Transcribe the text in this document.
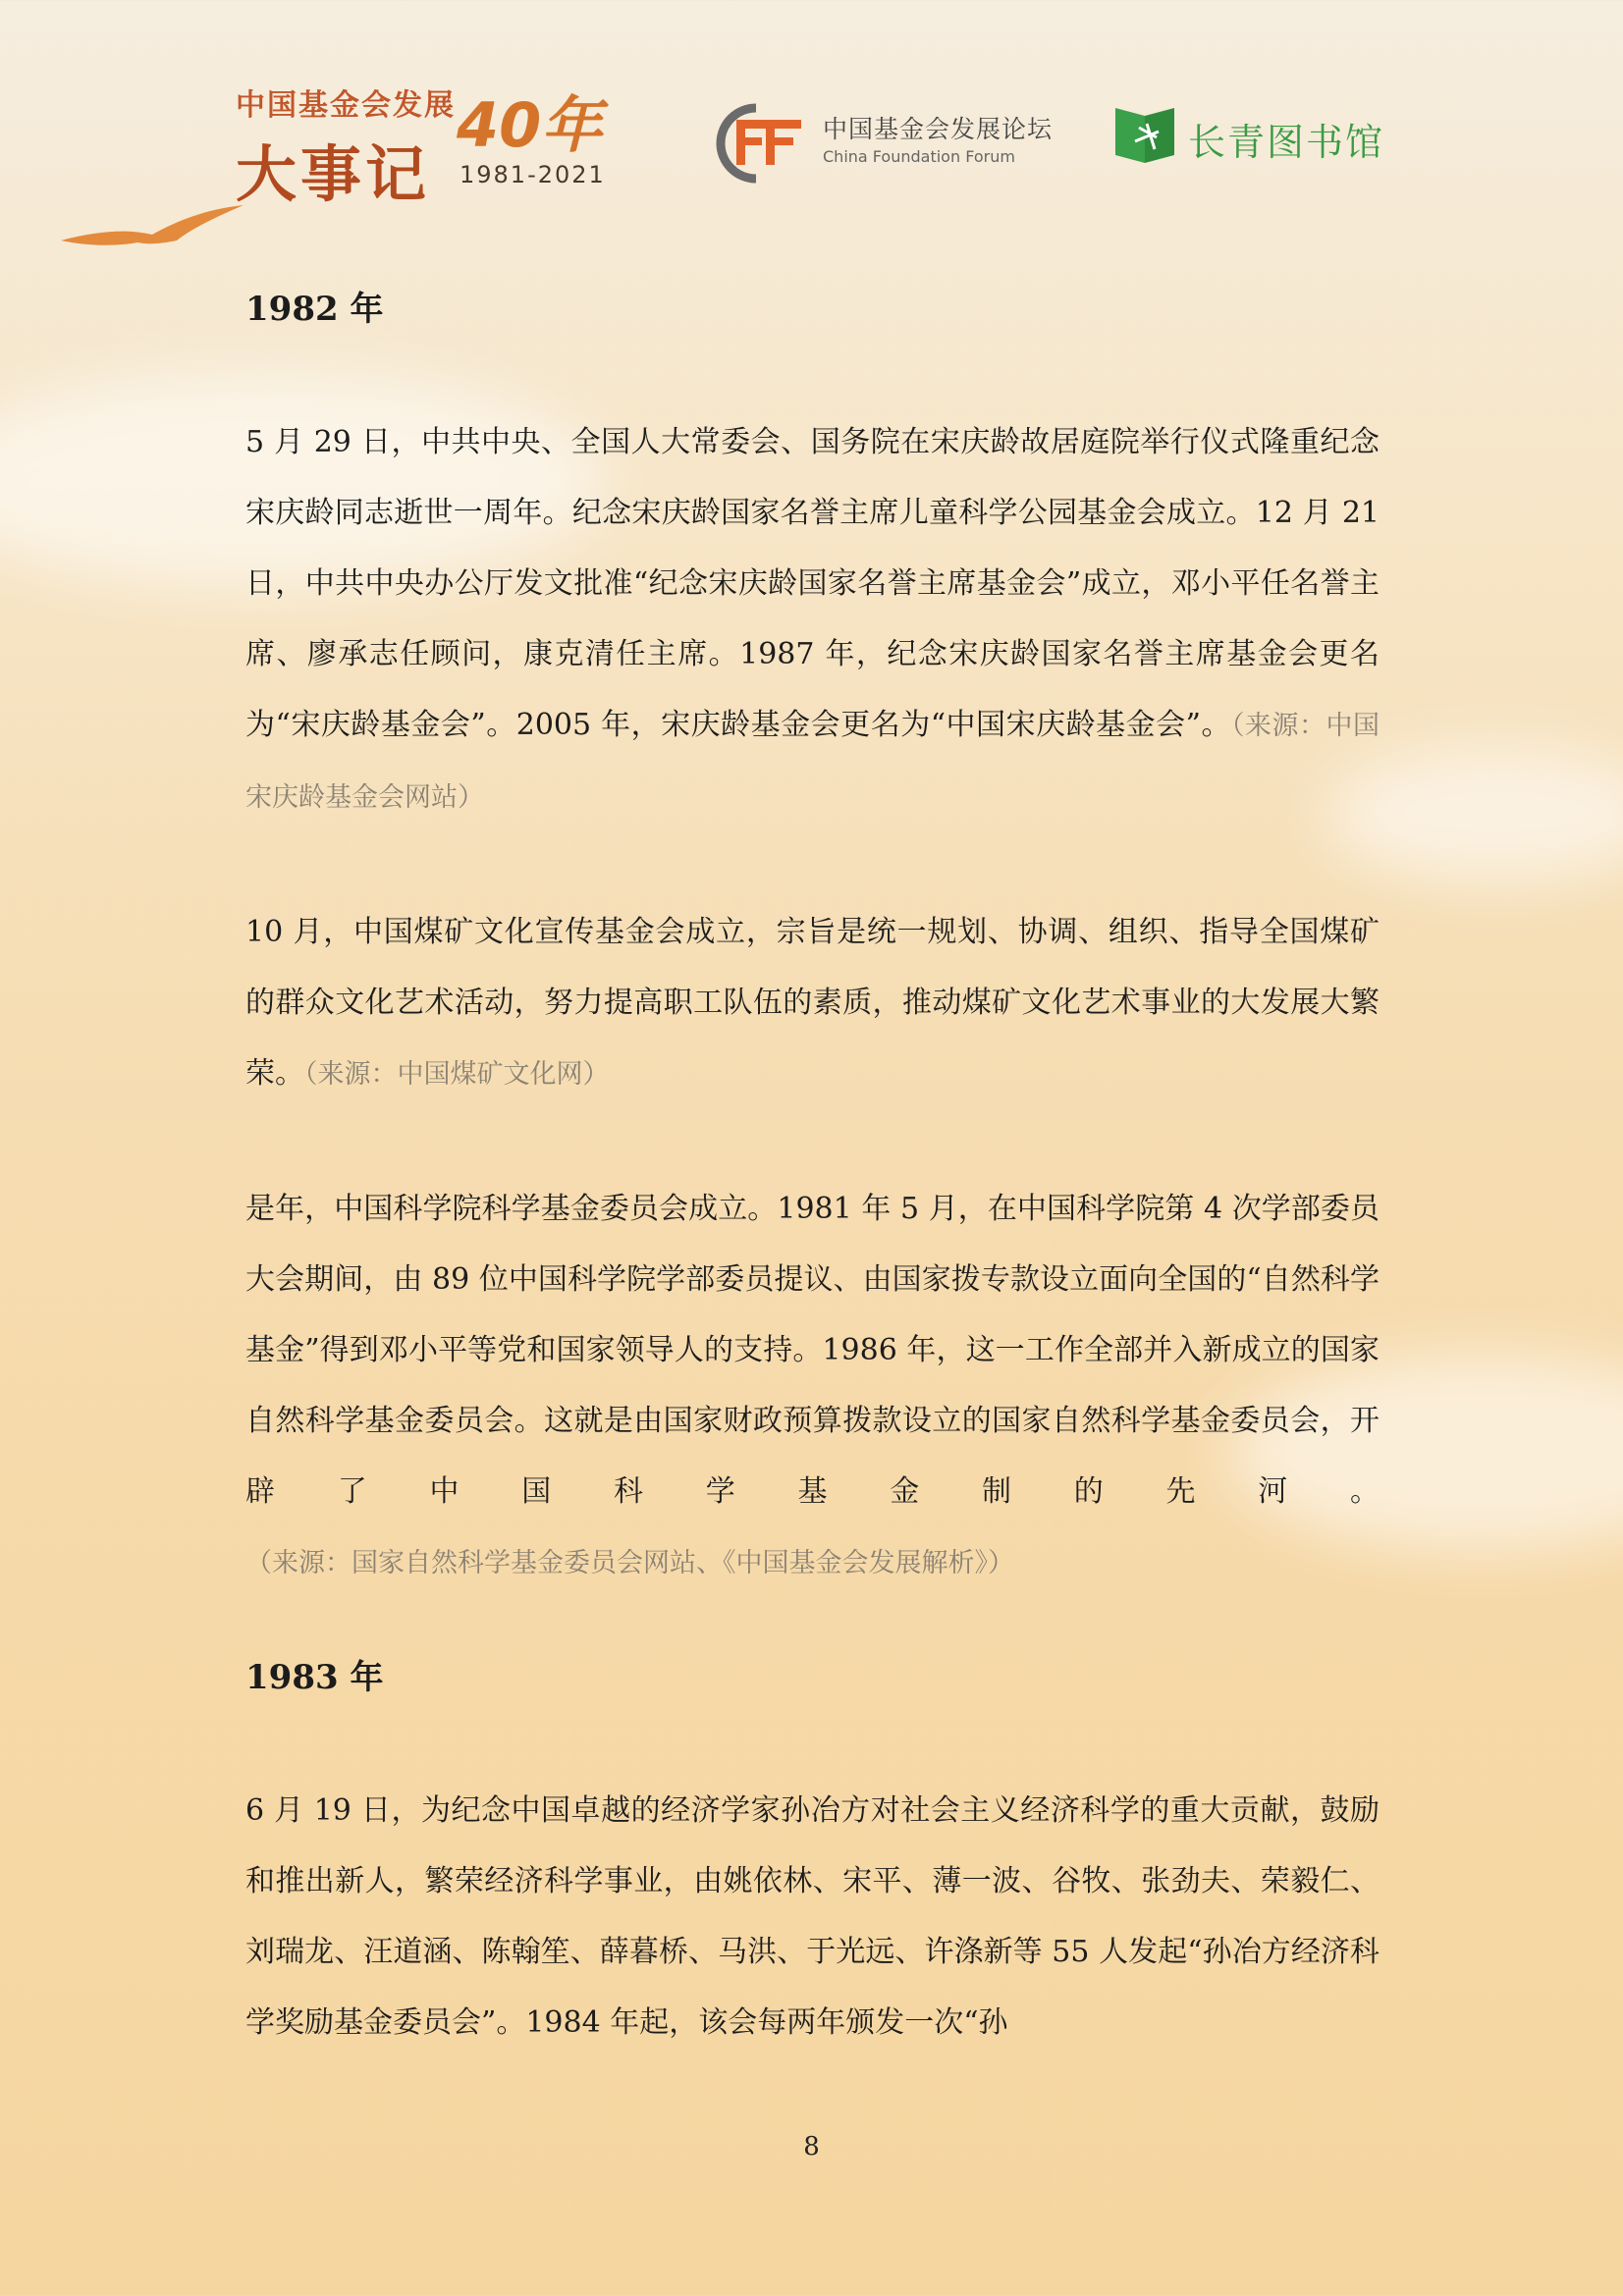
中国基金会发展
大事记
40年
1981-2021
中国基金会发展论坛
China Foundation Forum	长青图书馆
1982 年

5 月 29 日，中共中央、全国人大常委会、国务院在宋庆龄故居庭院举行仪式隆重纪念宋庆龄同志逝世一周年。纪念宋庆龄国家名誉主席儿童科学公园基金会成立。12 月 21 日，中共中央办公厅发文批准“纪念宋庆龄国家名誉主席基金会”成立，邓小平任名誉主席、廖承志任顾问，康克清任主席。1987 年，纪念宋庆龄国家名誉主席基金会更名为“宋庆龄基金会”。2005 年，宋庆龄基金会更名为“中国宋庆龄基金会”。（来源：中国宋庆龄基金会网站）

10 月，中国煤矿文化宣传基金会成立，宗旨是统一规划、协调、组织、指导全国煤矿的群众文化艺术活动，努力提高职工队伍的素质，推动煤矿文化艺术事业的大发展大繁荣。（来源：中国煤矿文化网）

是年，中国科学院科学基金委员会成立。1981 年 5 月，在中国科学院第 4 次学部委员大会期间，由 89 位中国科学院学部委员提议、由国家拨专款设立面向全国的“自然科学基金”得到邓小平等党和国家领导人的支持。1986 年，这一工作全部并入新成立的国家自然科学基金委员会。这就是由国家财政预算拨款设立的国家自然科学基金委员会，开辟了中国科学基金制的先河。（来源：国家自然科学基金委员会网站、《中国基金会发展解析》）

1983 年

6 月 19 日，为纪念中国卓越的经济学家孙冶方对社会主义经济科学的重大贡献，鼓励和推出新人，繁荣经济科学事业，由姚依林、宋平、薄一波、谷牧、张劲夫、荣毅仁、刘瑞龙、汪道涵、陈翰笙、薛暮桥、马洪、于光远、许涤新等 55 人发起“孙冶方经济科学奖励基金委员会”。1984 年起，该会每两年颁发一次“孙

8
